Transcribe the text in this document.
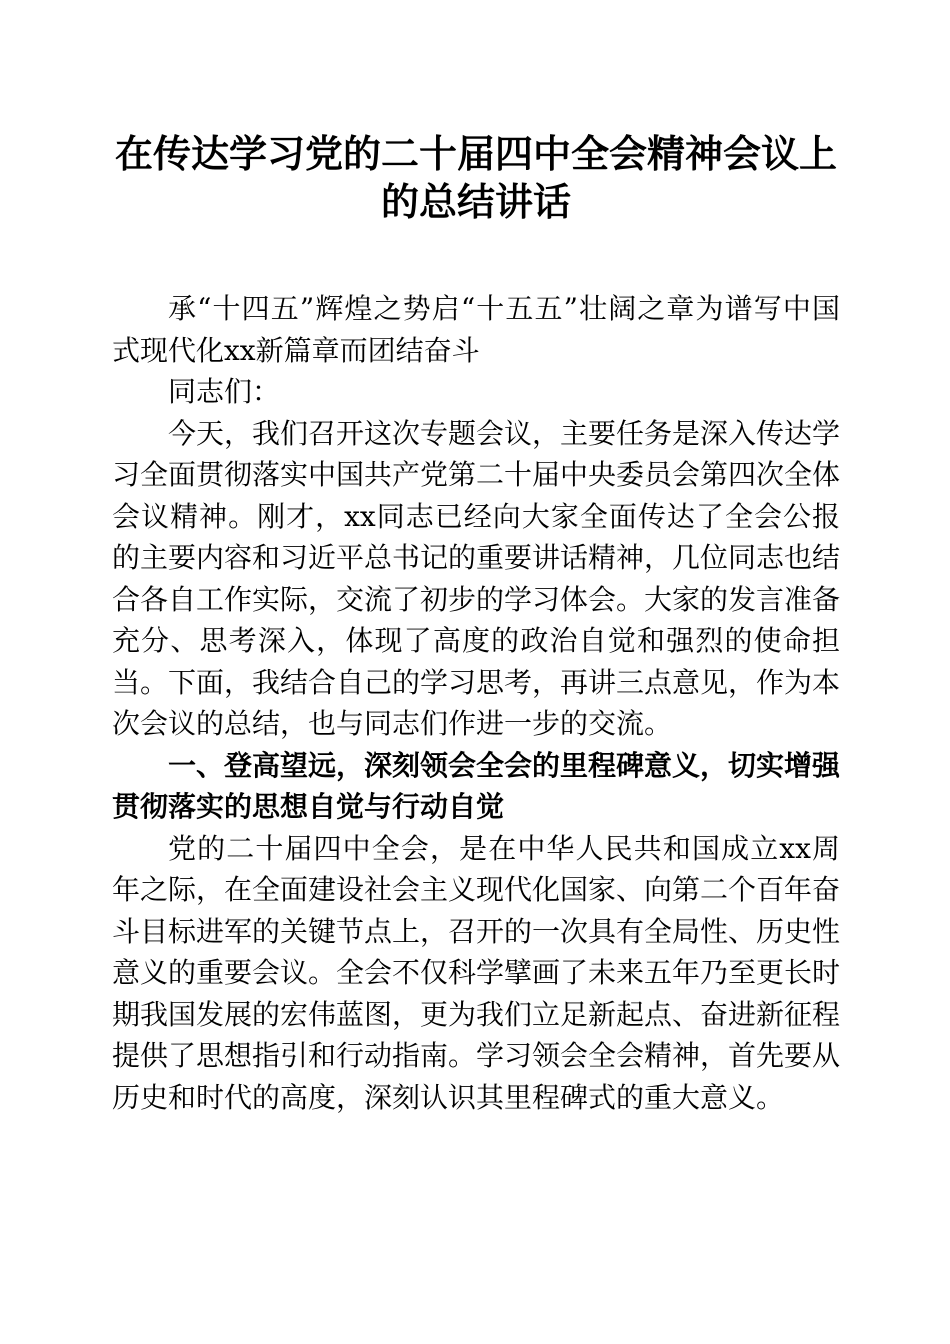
在传达学习党的二十届四中全会精神会议上的总结讲话

承“十四五”辉煌之势启“十五五”壮阔之章为谱写中国式现代化xx新篇章而团结奋斗

同志们：

今天，我们召开这次专题会议，主要任务是深入传达学习全面贯彻落实中国共产党第二十届中央委员会第四次全体会议精神。刚才，xx同志已经向大家全面传达了全会公报的主要内容和习近平总书记的重要讲话精神，几位同志也结合各自工作实际，交流了初步的学习体会。大家的发言准备充分、思考深入，体现了高度的政治自觉和强烈的使命担当。下面，我结合自己的学习思考，再讲三点意见，作为本次会议的总结，也与同志们作进一步的交流。

一、登高望远，深刻领会全会的里程碑意义，切实增强贯彻落实的思想自觉与行动自觉

党的二十届四中全会，是在中华人民共和国成立xx周年之际，在全面建设社会主义现代化国家、向第二个百年奋斗目标进军的关键节点上，召开的一次具有全局性、历史性意义的重要会议。全会不仅科学擘画了未来五年乃至更长时期我国发展的宏伟蓝图，更为我们立足新起点、奋进新征程提供了思想指引和行动指南。学习领会全会精神，首先要从历史和时代的高度，深刻认识其里程碑式的重大意义。
